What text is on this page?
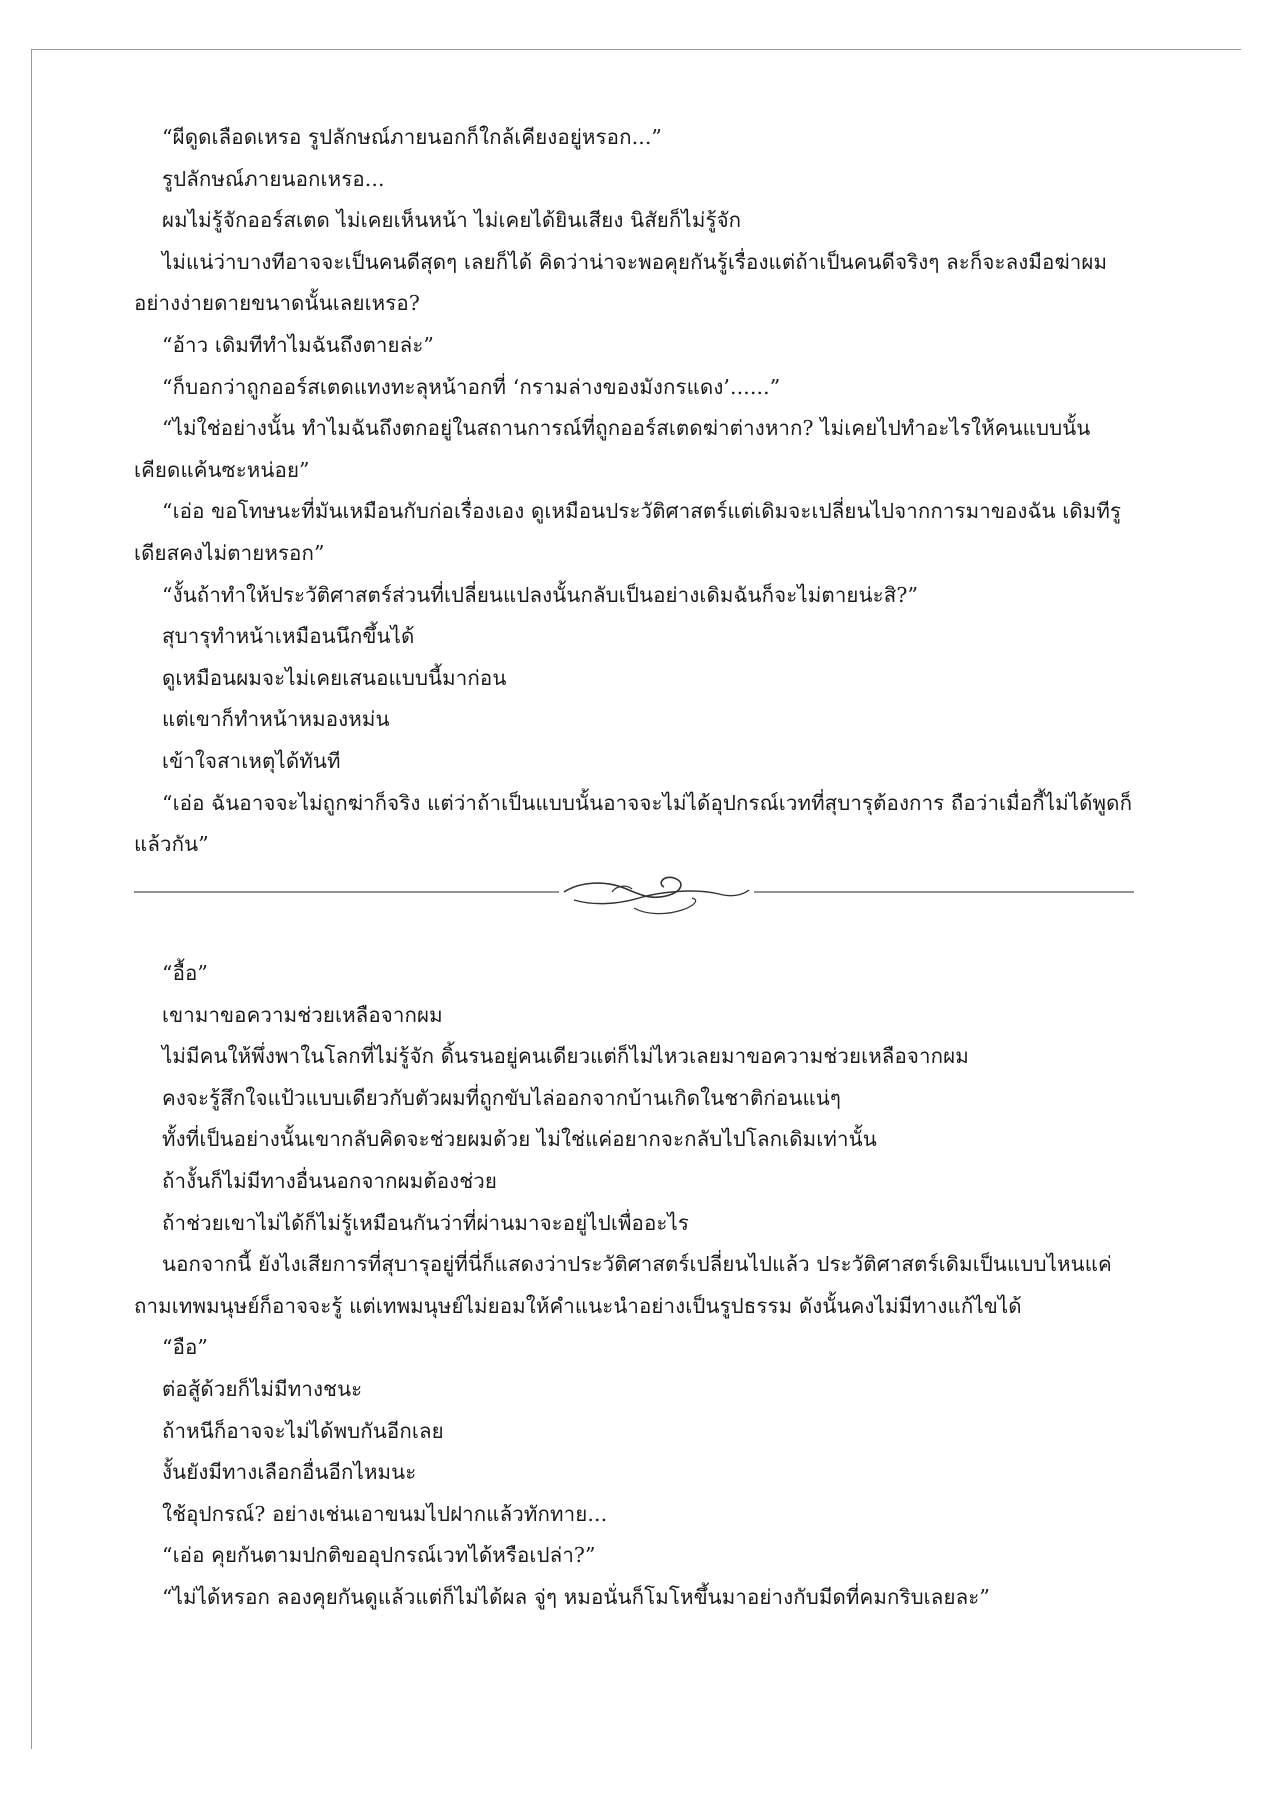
“ผีดูดเลือดเหรอ รูปลักษณ์ภายนอกก็ใกล้เคียงอยู่หรอก...”

รูปลักษณ์ภายนอกเหรอ...

ผมไม่รู้จักออร์สเตด ไม่เคยเห็นหน้า ไม่เคยได้ยินเสียง นิสัยก็ไม่รู้จัก

ไม่แน่ว่าบางทีอาจจะเป็นคนดีสุดๆ เลยก็ได้ คิดว่าน่าจะพอคุยกันรู้เรื่องแต่ถ้าเป็นคนดีจริงๆ ละก็จะลงมือฆ่าผมอย่างง่ายดายขนาดนั้นเลยเหรอ?

“อ้าว เดิมทีทำไมฉันถึงตายล่ะ”

“ก็บอกว่าถูกออร์สเตดแทงทะลุหน้าอกที่ ‘กรามล่างของมังกรแดง’......”

“ไม่ใช่อย่างนั้น ทำไมฉันถึงตกอยู่ในสถานการณ์ที่ถูกออร์สเตดฆ่าต่างหาก? ไม่เคยไปทำอะไรให้คนแบบนั้นเคียดแค้นซะหน่อย”

“เอ่อ ขอโทษนะที่มันเหมือนกับก่อเรื่องเอง ดูเหมือนประวัติศาสตร์แต่เดิมจะเปลี่ยนไปจากการมาของฉัน เดิมทีรูเดียสคงไม่ตายหรอก”

“งั้นถ้าทำให้ประวัติศาสตร์ส่วนที่เปลี่ยนแปลงนั้นกลับเป็นอย่างเดิมฉันก็จะไม่ตายน่ะสิ?”

สุบารุทำหน้าเหมือนนึกขึ้นได้

ดูเหมือนผมจะไม่เคยเสนอแบบนี้มาก่อน

แต่เขาก็ทำหน้าหมองหม่น

เข้าใจสาเหตุได้ทันที

“เอ่อ ฉันอาจจะไม่ถูกฆ่าก็จริง แต่ว่าถ้าเป็นแบบนั้นอาจจะไม่ได้อุปกรณ์เวทที่สุบารุต้องการ ถือว่าเมื่อกี้ไม่ได้พูดก็แล้วกัน”

“อื้อ”

เขามาขอความช่วยเหลือจากผม

ไม่มีคนให้พึ่งพาในโลกที่ไม่รู้จัก ดิ้นรนอยู่คนเดียวแต่ก็ไม่ไหวเลยมาขอความช่วยเหลือจากผม

คงจะรู้สึกใจแป้วแบบเดียวกับตัวผมที่ถูกขับไล่ออกจากบ้านเกิดในชาติก่อนแน่ๆ

ทั้งที่เป็นอย่างนั้นเขากลับคิดจะช่วยผมด้วย ไม่ใช่แค่อยากจะกลับไปโลกเดิมเท่านั้น

ถ้างั้นก็ไม่มีทางอื่นนอกจากผมต้องช่วย

ถ้าช่วยเขาไม่ได้ก็ไม่รู้เหมือนกันว่าที่ผ่านมาจะอยู่ไปเพื่ออะไร

นอกจากนี้ ยังไงเสียการที่สุบารุอยู่ที่นี่ก็แสดงว่าประวัติศาสตร์เปลี่ยนไปแล้ว ประวัติศาสตร์เดิมเป็นแบบไหนแค่ถามเทพมนุษย์ก็อาจจะรู้ แต่เทพมนุษย์ไม่ยอมให้คำแนะนำอย่างเป็นรูปธรรม ดังนั้นคงไม่มีทางแก้ไขได้

“อือ”

ต่อสู้ด้วยก็ไม่มีทางชนะ

ถ้าหนีก็อาจจะไม่ได้พบกันอีกเลย

งั้นยังมีทางเลือกอื่นอีกไหมนะ

ใช้อุปกรณ์? อย่างเช่นเอาขนมไปฝากแล้วทักทาย...

“เอ่อ คุยกันตามปกติขออุปกรณ์เวทได้หรือเปล่า?”

“ไม่ได้หรอก ลองคุยกันดูแล้วแต่ก็ไม่ได้ผล จู่ๆ หมอนั่นก็โมโหขึ้นมาอย่างกับมีดที่คมกริบเลยละ”
